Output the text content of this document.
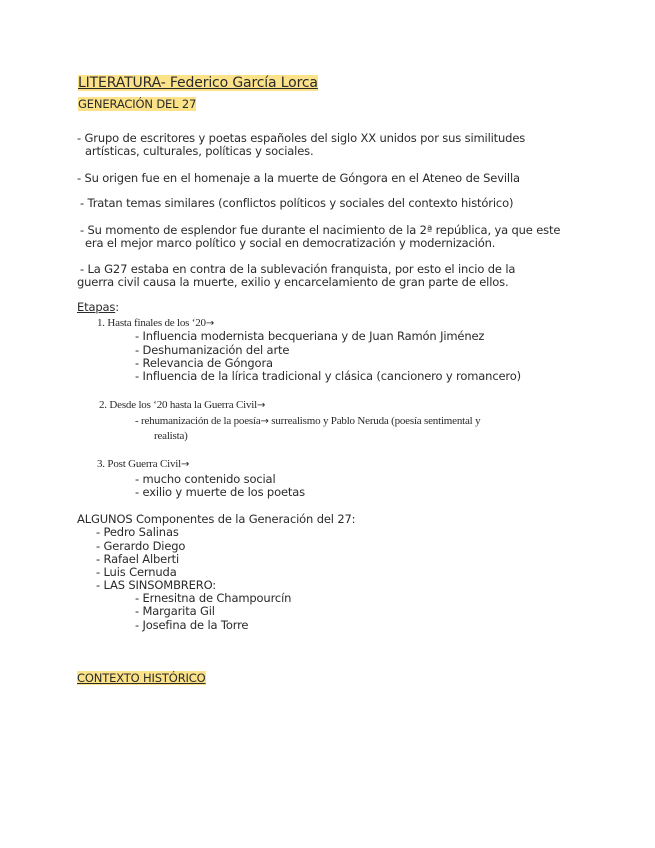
LITERATURA- Federico García Lorca
GENERACIÓN DEL 27
- Grupo de escritores y poetas españoles del siglo XX unidos por sus similitudes
artísticas, culturales, políticas y sociales.
- Su origen fue en el homenaje a la muerte de Góngora en el Ateneo de Sevilla
- Tratan temas similares (conflictos políticos y sociales del contexto histórico)
- Su momento de esplendor fue durante el nacimiento de la 2ª república, ya que este
era el mejor marco político y social en democratización y modernización.
- La G27 estaba en contra de la sublevación franquista, por esto el incio de la
guerra civil causa la muerte, exilio y encarcelamiento de gran parte de ellos.
Etapas:
1. Hasta finales de los ‘20→
- Influencia modernista becqueriana y de Juan Ramón Jiménez
- Deshumanización del arte
- Relevancia de Góngora
- Influencia de la lírica tradicional y clásica (cancionero y romancero)
2. Desde los ‘20 hasta la Guerra Civil→
- rehumanización de la poesía→ surrealismo y Pablo Neruda (poesía sentimental y
realista)
3. Post Guerra Civil→
- mucho contenido social
- exilio y muerte de los poetas
ALGUNOS Componentes de la Generación del 27:
- Pedro Salinas
- Gerardo Diego
- Rafael Alberti
- Luis Cernuda
- LAS SINSOMBRERO:
- Ernesitna de Champourcín
- Margarita Gil
- Josefina de la Torre
CONTEXTO HISTÓRICO
